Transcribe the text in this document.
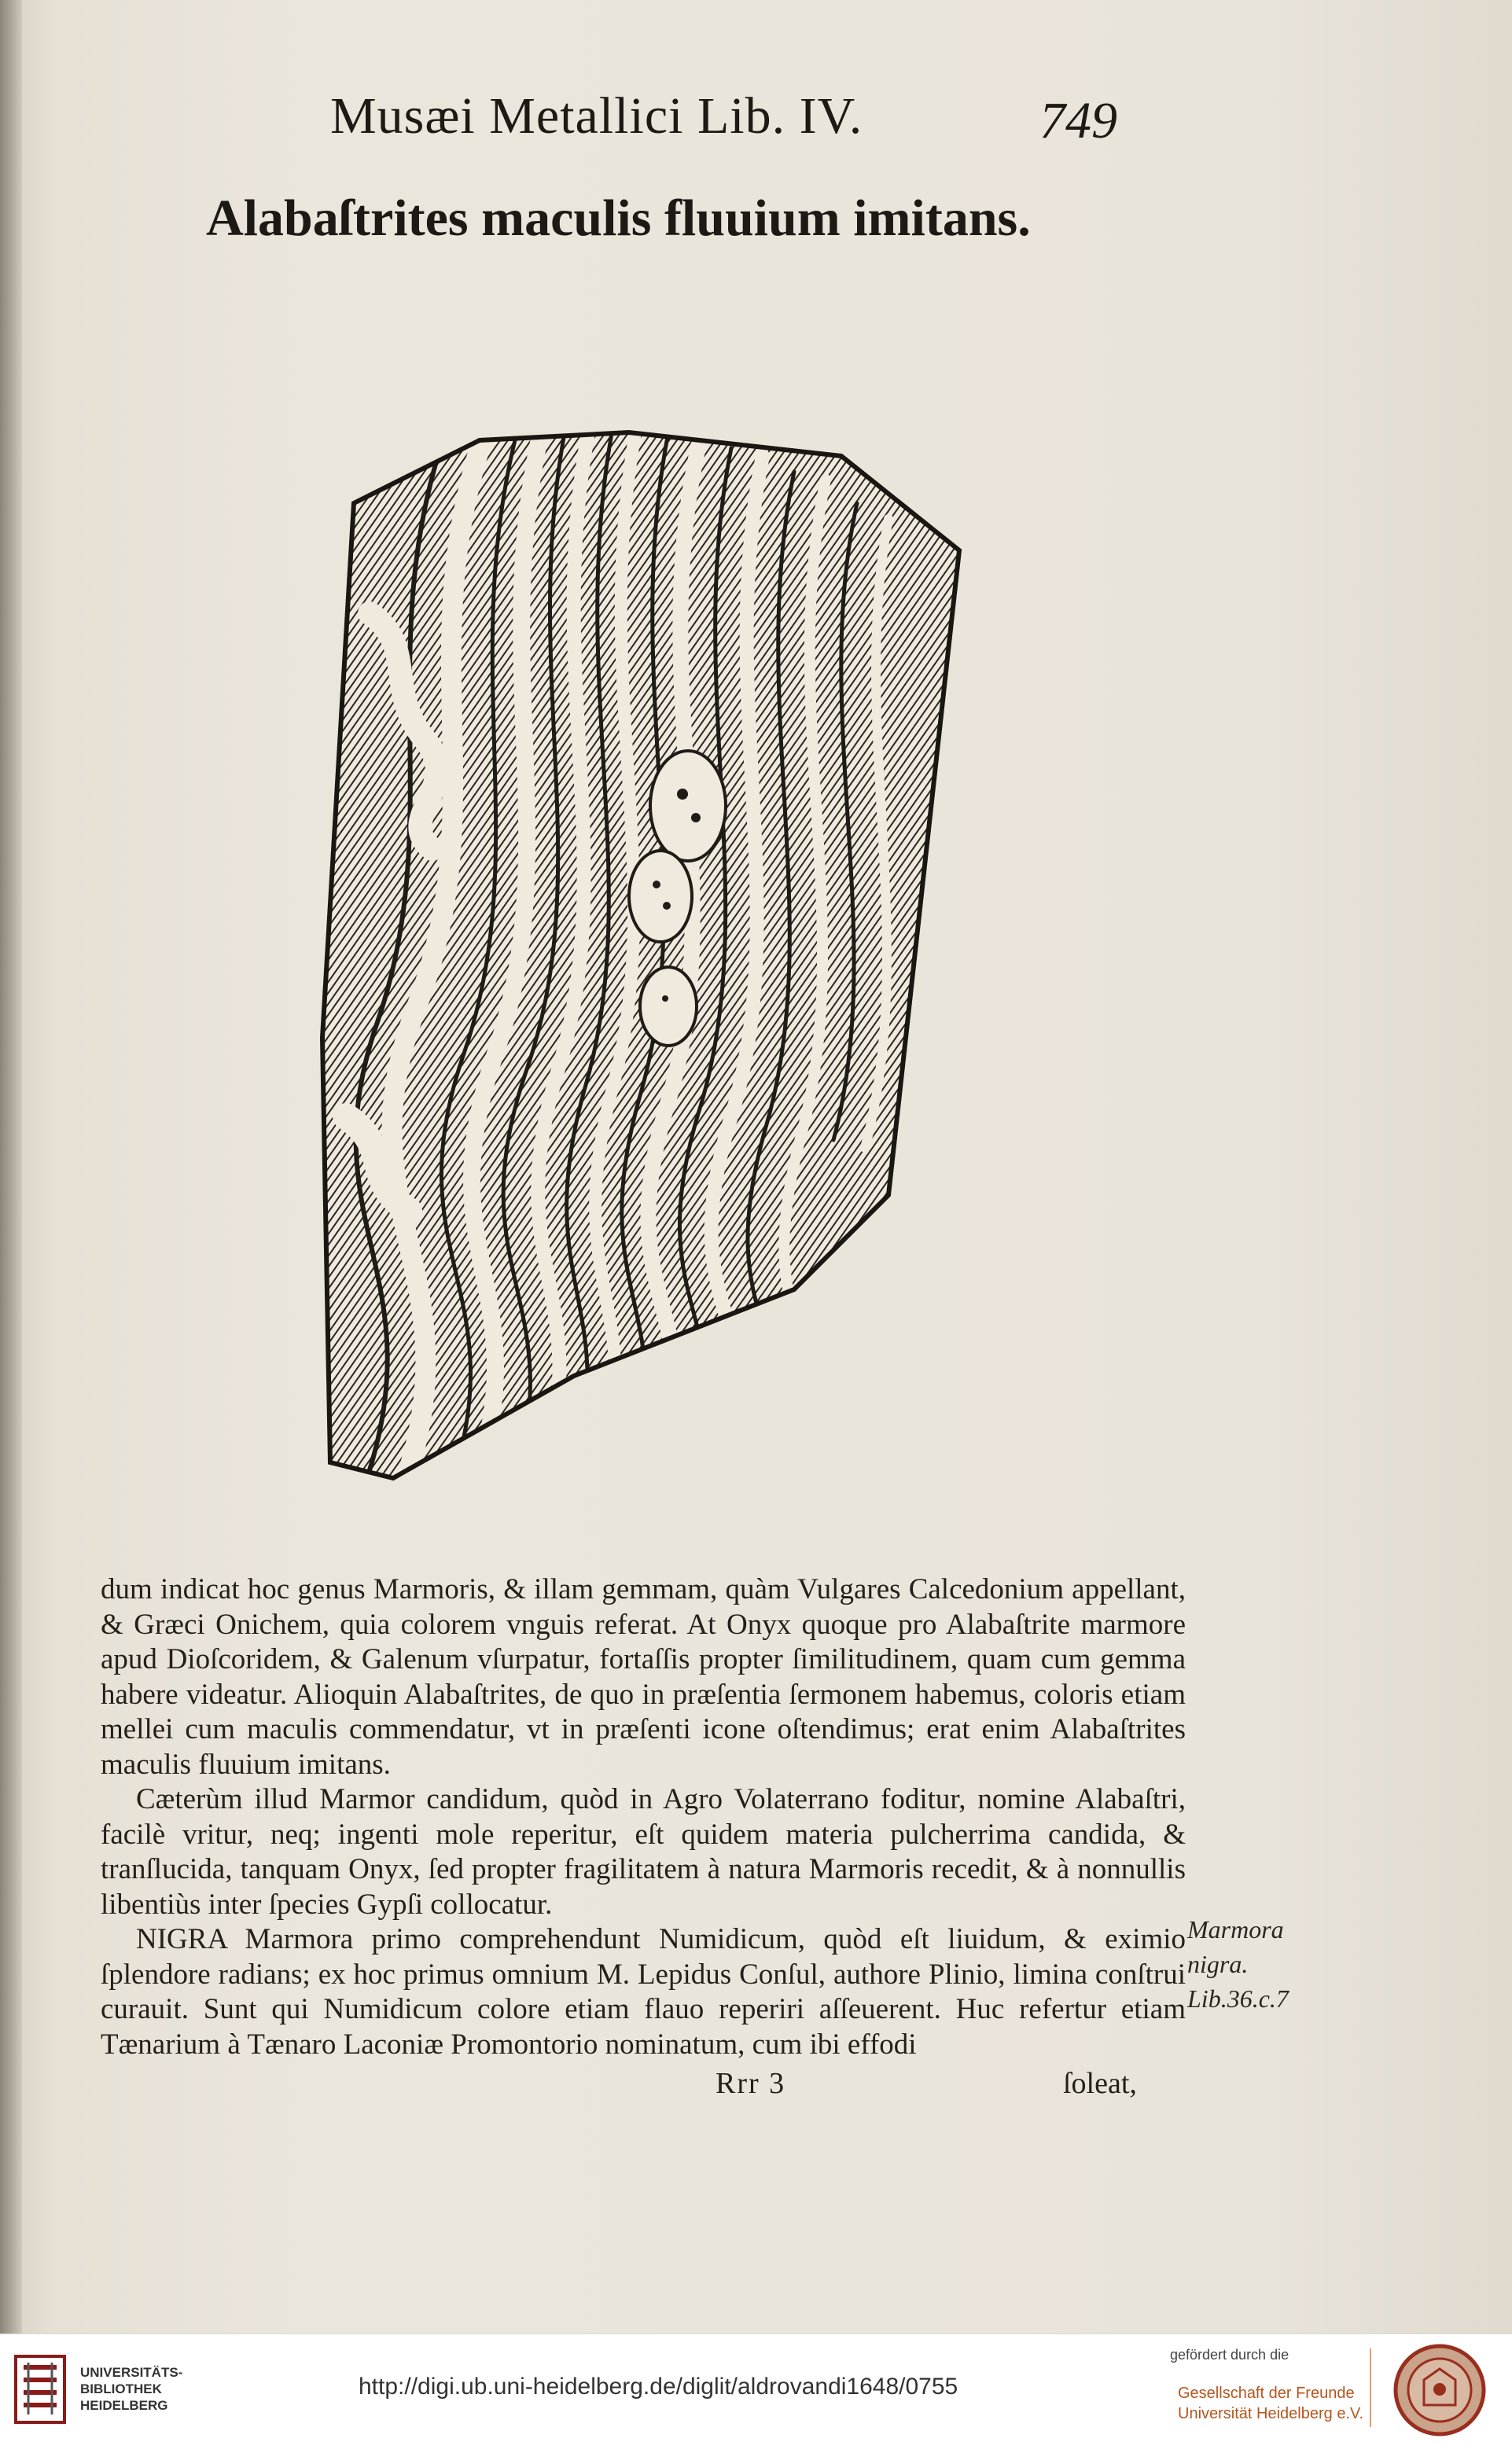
Musæi Metallici Lib. IV.	749
Alabaſtrites maculis fluuium imitans.

dum indicat hoc genus Marmoris, & illam gemmam, quàm Vulgares Calcedonium appellant, & Græci Onichem, quia colorem vnguis referat. At Onyx quoque pro Alabaſtrite marmore apud Dioſcoridem, & Galenum vſurpatur, fortaſſis propter ſimilitudinem, quam cum gemma habere videatur. Alioquin Alabaſtrites, de quo in præſentia ſermonem habemus, coloris etiam mellei cum maculis commendatur, vt in præſenti icone oſtendimus; erat enim Alabaſtrites maculis fluuium imitans.

Cæterùm illud Marmor candidum, quòd in Agro Volaterrano foditur, nomine Alabaſtri, facilè vritur, neq; ingenti mole reperitur, eſt quidem materia pulcherrima candida, & tranſlucida, tanquam Onyx, ſed propter fragilitatem à natura Marmoris recedit, & à nonnullis libentiùs inter ſpecies Gypſi collocatur.

NIGRA Marmora primo comprehendunt Numidicum, quòd eſt liuidum, & eximio ſplendore radians; ex hoc primus omnium M. Lepidus Conſul, authore Plinio, limina conſtrui curauit. Sunt qui Numidicum colore etiam flauo reperiri aſſeuerent. Huc refertur etiam Tænarium à Tænaro Laconiæ Promontorio nominatum, cum ibi effodi

Marmora
nigra.
Lib.36.c.7
Rrr 3	ſoleat,
UNIVERSITÄTS-
BIBLIOTHEK
HEIDELBERG
http://digi.ub.uni-heidelberg.de/diglit/aldrovandi1648/0755
gefördert durch die
Gesellschaft der Freunde
Universität Heidelberg e.V.
